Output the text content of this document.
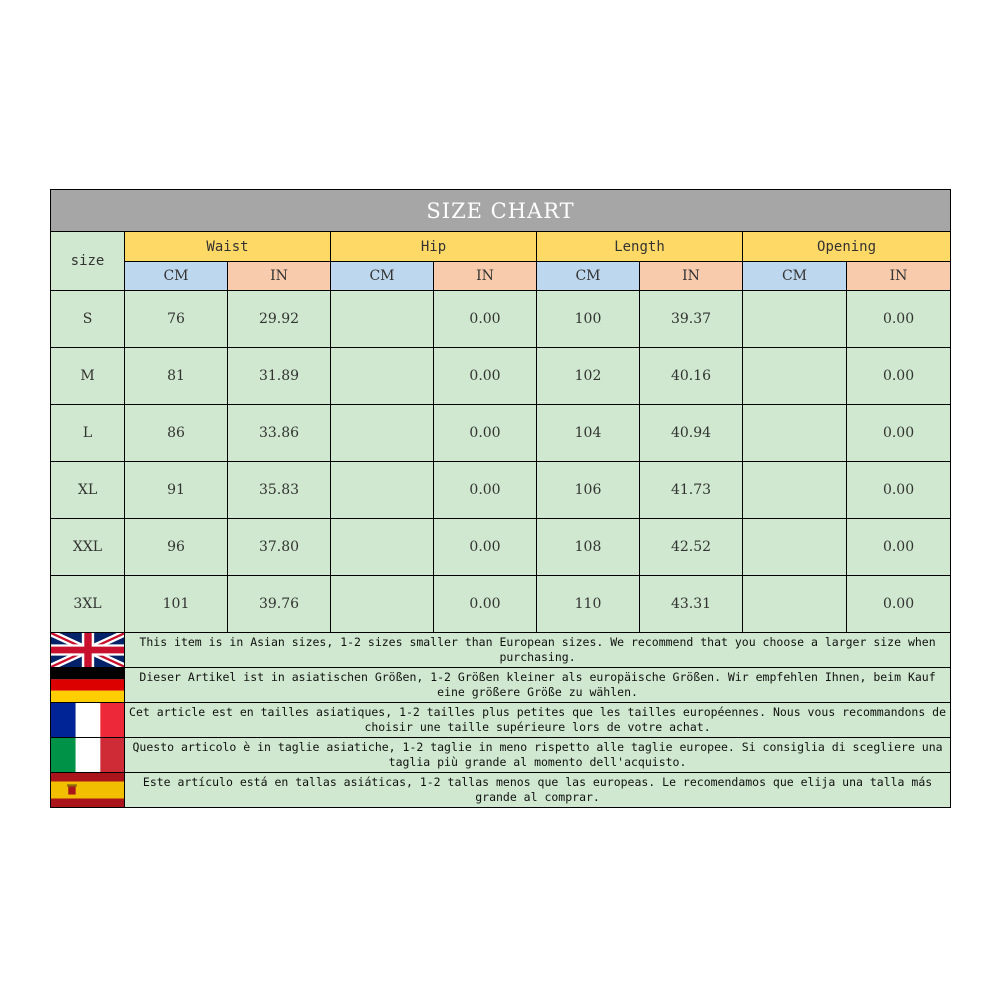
SIZE CHART								
size	Waist		Hip		Length		Opening	
	CM	IN	CM	IN	CM	IN	CM	IN
S	76	29.92		0.00	100	39.37		0.00
M	81	31.89		0.00	102	40.16		0.00
L	86	33.86		0.00	104	40.94		0.00
XL	91	35.83		0.00	106	41.73		0.00
XXL	96	37.80		0.00	108	42.52		0.00
3XL	101	39.76		0.00	110	43.31		0.00

	This item is in Asian sizes, 1-2 sizes smaller than European sizes. We recommend that you choose a larger size when purchasing.							

	Dieser Artikel ist in asiatischen Größen, 1-2 Größen kleiner als europäische Größen. Wir empfehlen Ihnen, beim Kauf eine größere Größe zu wählen.							

	Cet article est en tailles asiatiques, 1-2 tailles plus petites que les tailles européennes. Nous vous recommandons de choisir une taille supérieure lors de votre achat.							

	Questo articolo è in taglie asiatiche, 1-2 taglie in meno rispetto alle taglie europee. Si consiglia di scegliere una taglia più grande al momento dell'acquisto.							

	Este artículo está en tallas asiáticas, 1-2 tallas menos que las europeas. Le recomendamos que elija una talla más grande al comprar.							
